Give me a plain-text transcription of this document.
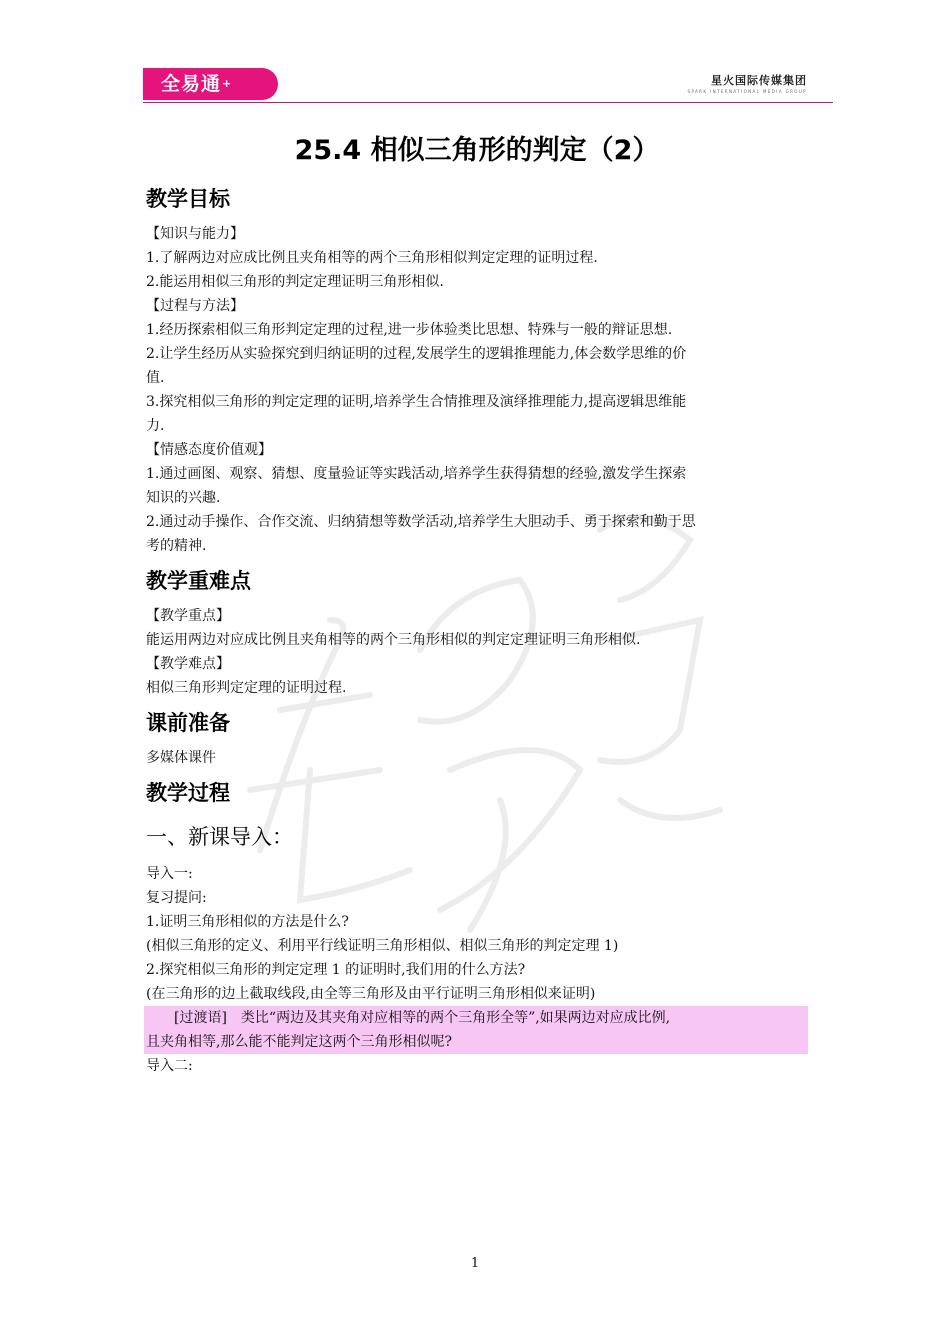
全易通+	星火国际传媒集团
SPARK INTERNATIONAL MEDIA GROUP
25.4 相似三角形的判定（2）
教学目标

【知识与能力】

1.了解两边对应成比例且夹角相等的两个三角形相似判定定理的证明过程.

2.能运用相似三角形的判定定理证明三角形相似.

【过程与方法】

1.经历探索相似三角形判定定理的过程,进一步体验类比思想、特殊与一般的辩证思想.

2.让学生经历从实验探究到归纳证明的过程,发展学生的逻辑推理能力,体会数学思维的价

值.

3.探究相似三角形的判定定理的证明,培养学生合情推理及演绎推理能力,提高逻辑思维能

力.

【情感态度价值观】

1.通过画图、观察、猜想、度量验证等实践活动,培养学生获得猜想的经验,激发学生探索

知识的兴趣.

2.通过动手操作、合作交流、归纳猜想等数学活动,培养学生大胆动手、勇于探索和勤于思

考的精神.

教学重难点

【教学重点】

能运用两边对应成比例且夹角相等的两个三角形相似的判定定理证明三角形相似.

【教学难点】

相似三角形判定定理的证明过程.

课前准备

多媒体课件

教学过程
一、新课导入：

导入一:

复习提问:

1.证明三角形相似的方法是什么?

(相似三角形的定义、利用平行线证明三角形相似、相似三角形的判定定理 1)

2.探究相似三角形的判定定理 1 的证明时,我们用的什么方法?

(在三角形的边上截取线段,由全等三角形及由平行证明三角形相似来证明)

　　[过渡语]　类比“两边及其夹角对应相等的两个三角形全等”,如果两边对应成比例,

且夹角相等,那么能不能判定这两个三角形相似呢?

导入二:

1
